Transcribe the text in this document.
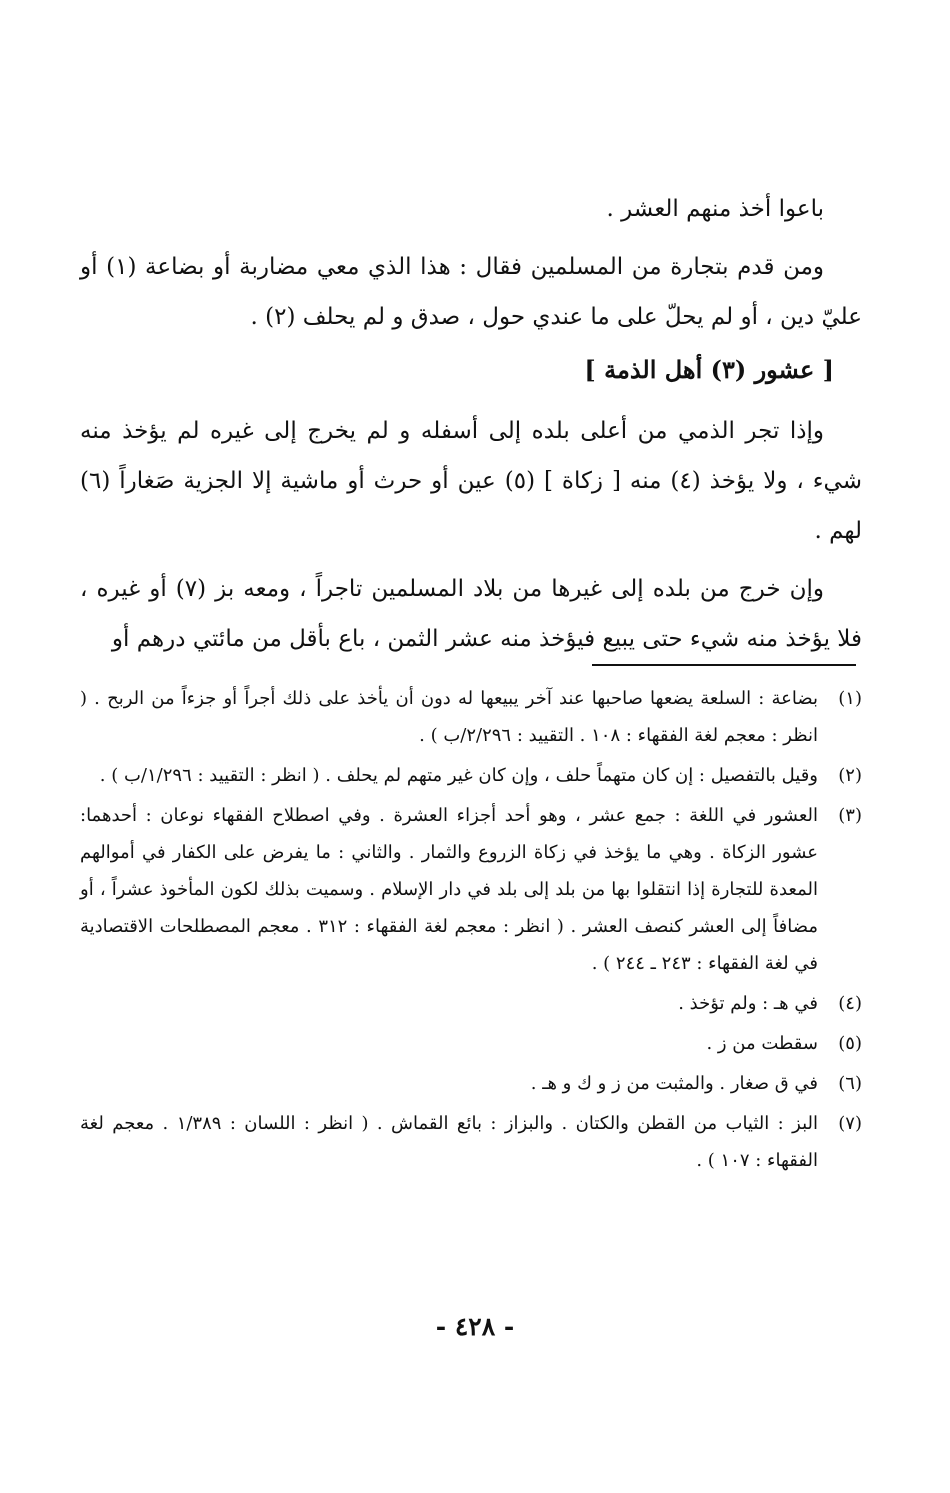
باعوا أخذ منهم العشر .
ومن قدم بتجارة من المسلمين فقال : هذا الذي معي مضاربة أو بضاعة (١) أو عليّ دين ، أو لم يحلّ على ما عندي حول ، صدق و لم يحلف (٢) .
[ عشور (٣) أهل الذمة ]
وإذا تجر الذمي من أعلى بلده إلى أسفله و لم يخرج إلى غيره لم يؤخذ منه شيء ، ولا يؤخذ (٤) منه [ زكاة ] (٥) عين أو حرث أو ماشية إلا الجزية صَغاراً (٦) لهم .
وإن خرج من بلده إلى غيرها من بلاد المسلمين تاجراً ، ومعه بز (٧) أو غيره ، فلا يؤخذ منه شيء حتى يبيع فيؤخذ منه عشر الثمن ، باع بأقل من مائتي درهم أو
(١)
بضاعة : السلعة يضعها صاحبها عند آخر يبيعها له دون أن يأخذ على ذلك أجراً أو جزءاً من الربح . ( انظر : معجم لغة الفقهاء : ١٠٨ . التقييد : ٢/٢٩٦/ب ) .
(٢)
وقيل بالتفصيل : إن كان متهماً حلف ، وإن كان غير متهم لم يحلف . ( انظر : التقييد : ١/٢٩٦/ب ) .
(٣)
العشور في اللغة : جمع عشر ، وهو أحد أجزاء العشرة . وفي اصطلاح الفقهاء نوعان : أحدهما: عشور الزكاة . وهي ما يؤخذ في زكاة الزروع والثمار . والثاني : ما يفرض على الكفار في أموالهم المعدة للتجارة إذا انتقلوا بها من بلد إلى بلد في دار الإسلام . وسميت بذلك لكون المأخوذ عشراً ، أو مضافاً إلى العشر كنصف العشر . ( انظر : معجم لغة الفقهاء : ٣١٢ . معجم المصطلحات الاقتصادية في لغة الفقهاء : ٢٤٣ ـ ٢٤٤ ) .
(٤)
في هـ : ولم تؤخذ .
(٥)
سقطت من ز .
(٦)
في ق صغار . والمثبت من ز و ك و هـ .
(٧)
البز : الثياب من القطن والكتان . والبزاز : بائع القماش . ( انظر : اللسان : ١/٣٨٩ . معجم لغة الفقهاء : ١٠٧ ) .
- ٤٢٨ -
